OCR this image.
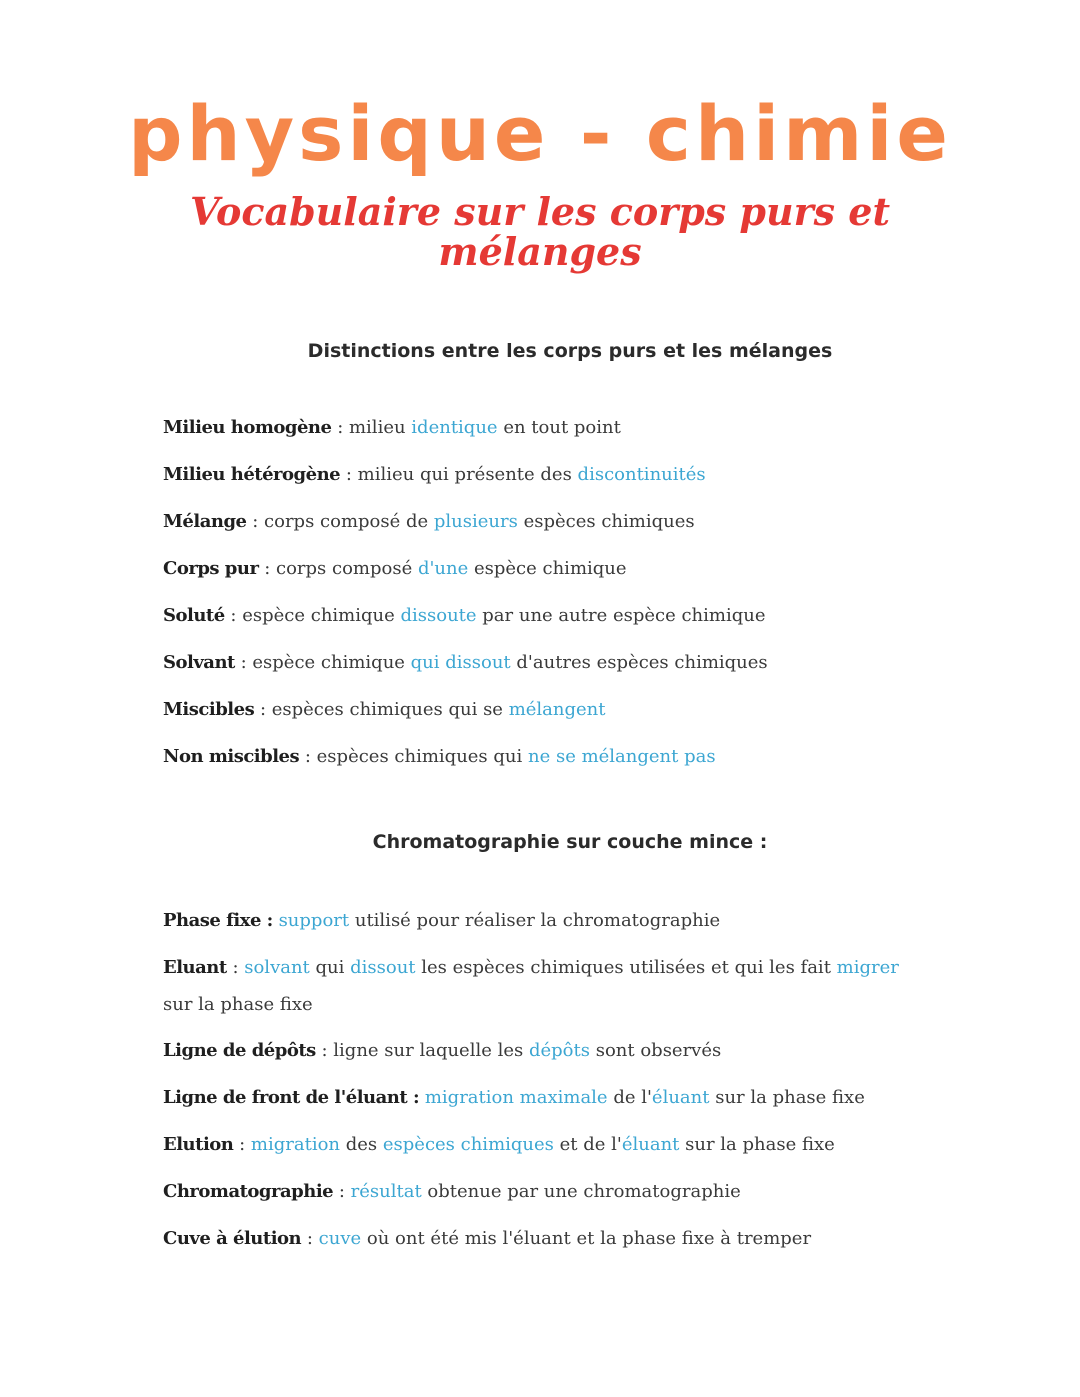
physique - chimie

Vocabulaire sur les corps purs et
mélanges

Distinctions entre les corps purs et les mélanges

Milieu homogène : milieu identique en tout point

Milieu hétérogène : milieu qui présente des discontinuités

Mélange : corps composé de plusieurs espèces chimiques

Corps pur : corps composé d'une espèce chimique

Soluté : espèce chimique dissoute par une autre espèce chimique

Solvant : espèce chimique qui dissout d'autres espèces chimiques

Miscibles : espèces chimiques qui se mélangent

Non miscibles : espèces chimiques qui ne se mélangent pas

Chromatographie sur couche mince :

Phase fixe : support utilisé pour réaliser la chromatographie

Eluant : solvant qui dissout les espèces chimiques utilisées et qui les fait migrer
sur la phase fixe

Ligne de dépôts : ligne sur laquelle les dépôts sont observés

Ligne de front de l'éluant : migration maximale de l'éluant sur la phase fixe

Elution : migration des espèces chimiques et de l'éluant sur la phase fixe

Chromatographie : résultat obtenue par une chromatographie

Cuve à élution : cuve où ont été mis l'éluant et la phase fixe à tremper
